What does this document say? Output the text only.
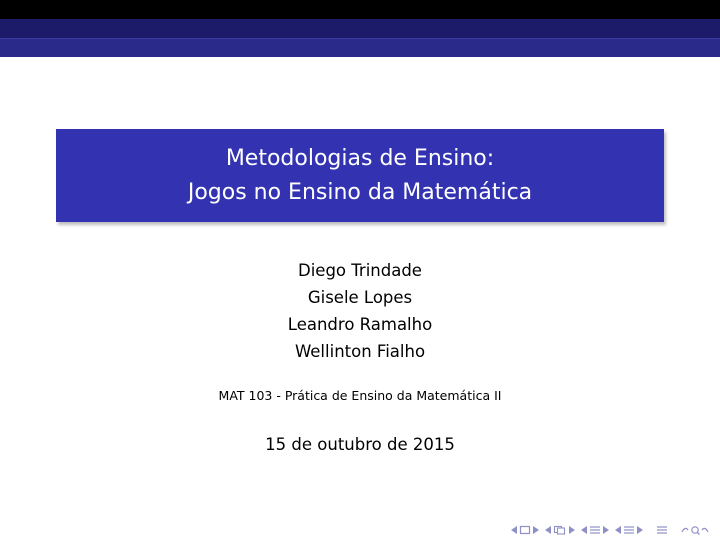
Metodologias de Ensino:
Jogos no Ensino da Matemática
Diego Trindade
Gisele Lopes
Leandro Ramalho
Wellinton Fialho
MAT 103 - Prática de Ensino da Matemática II
15 de outubro de 2015
